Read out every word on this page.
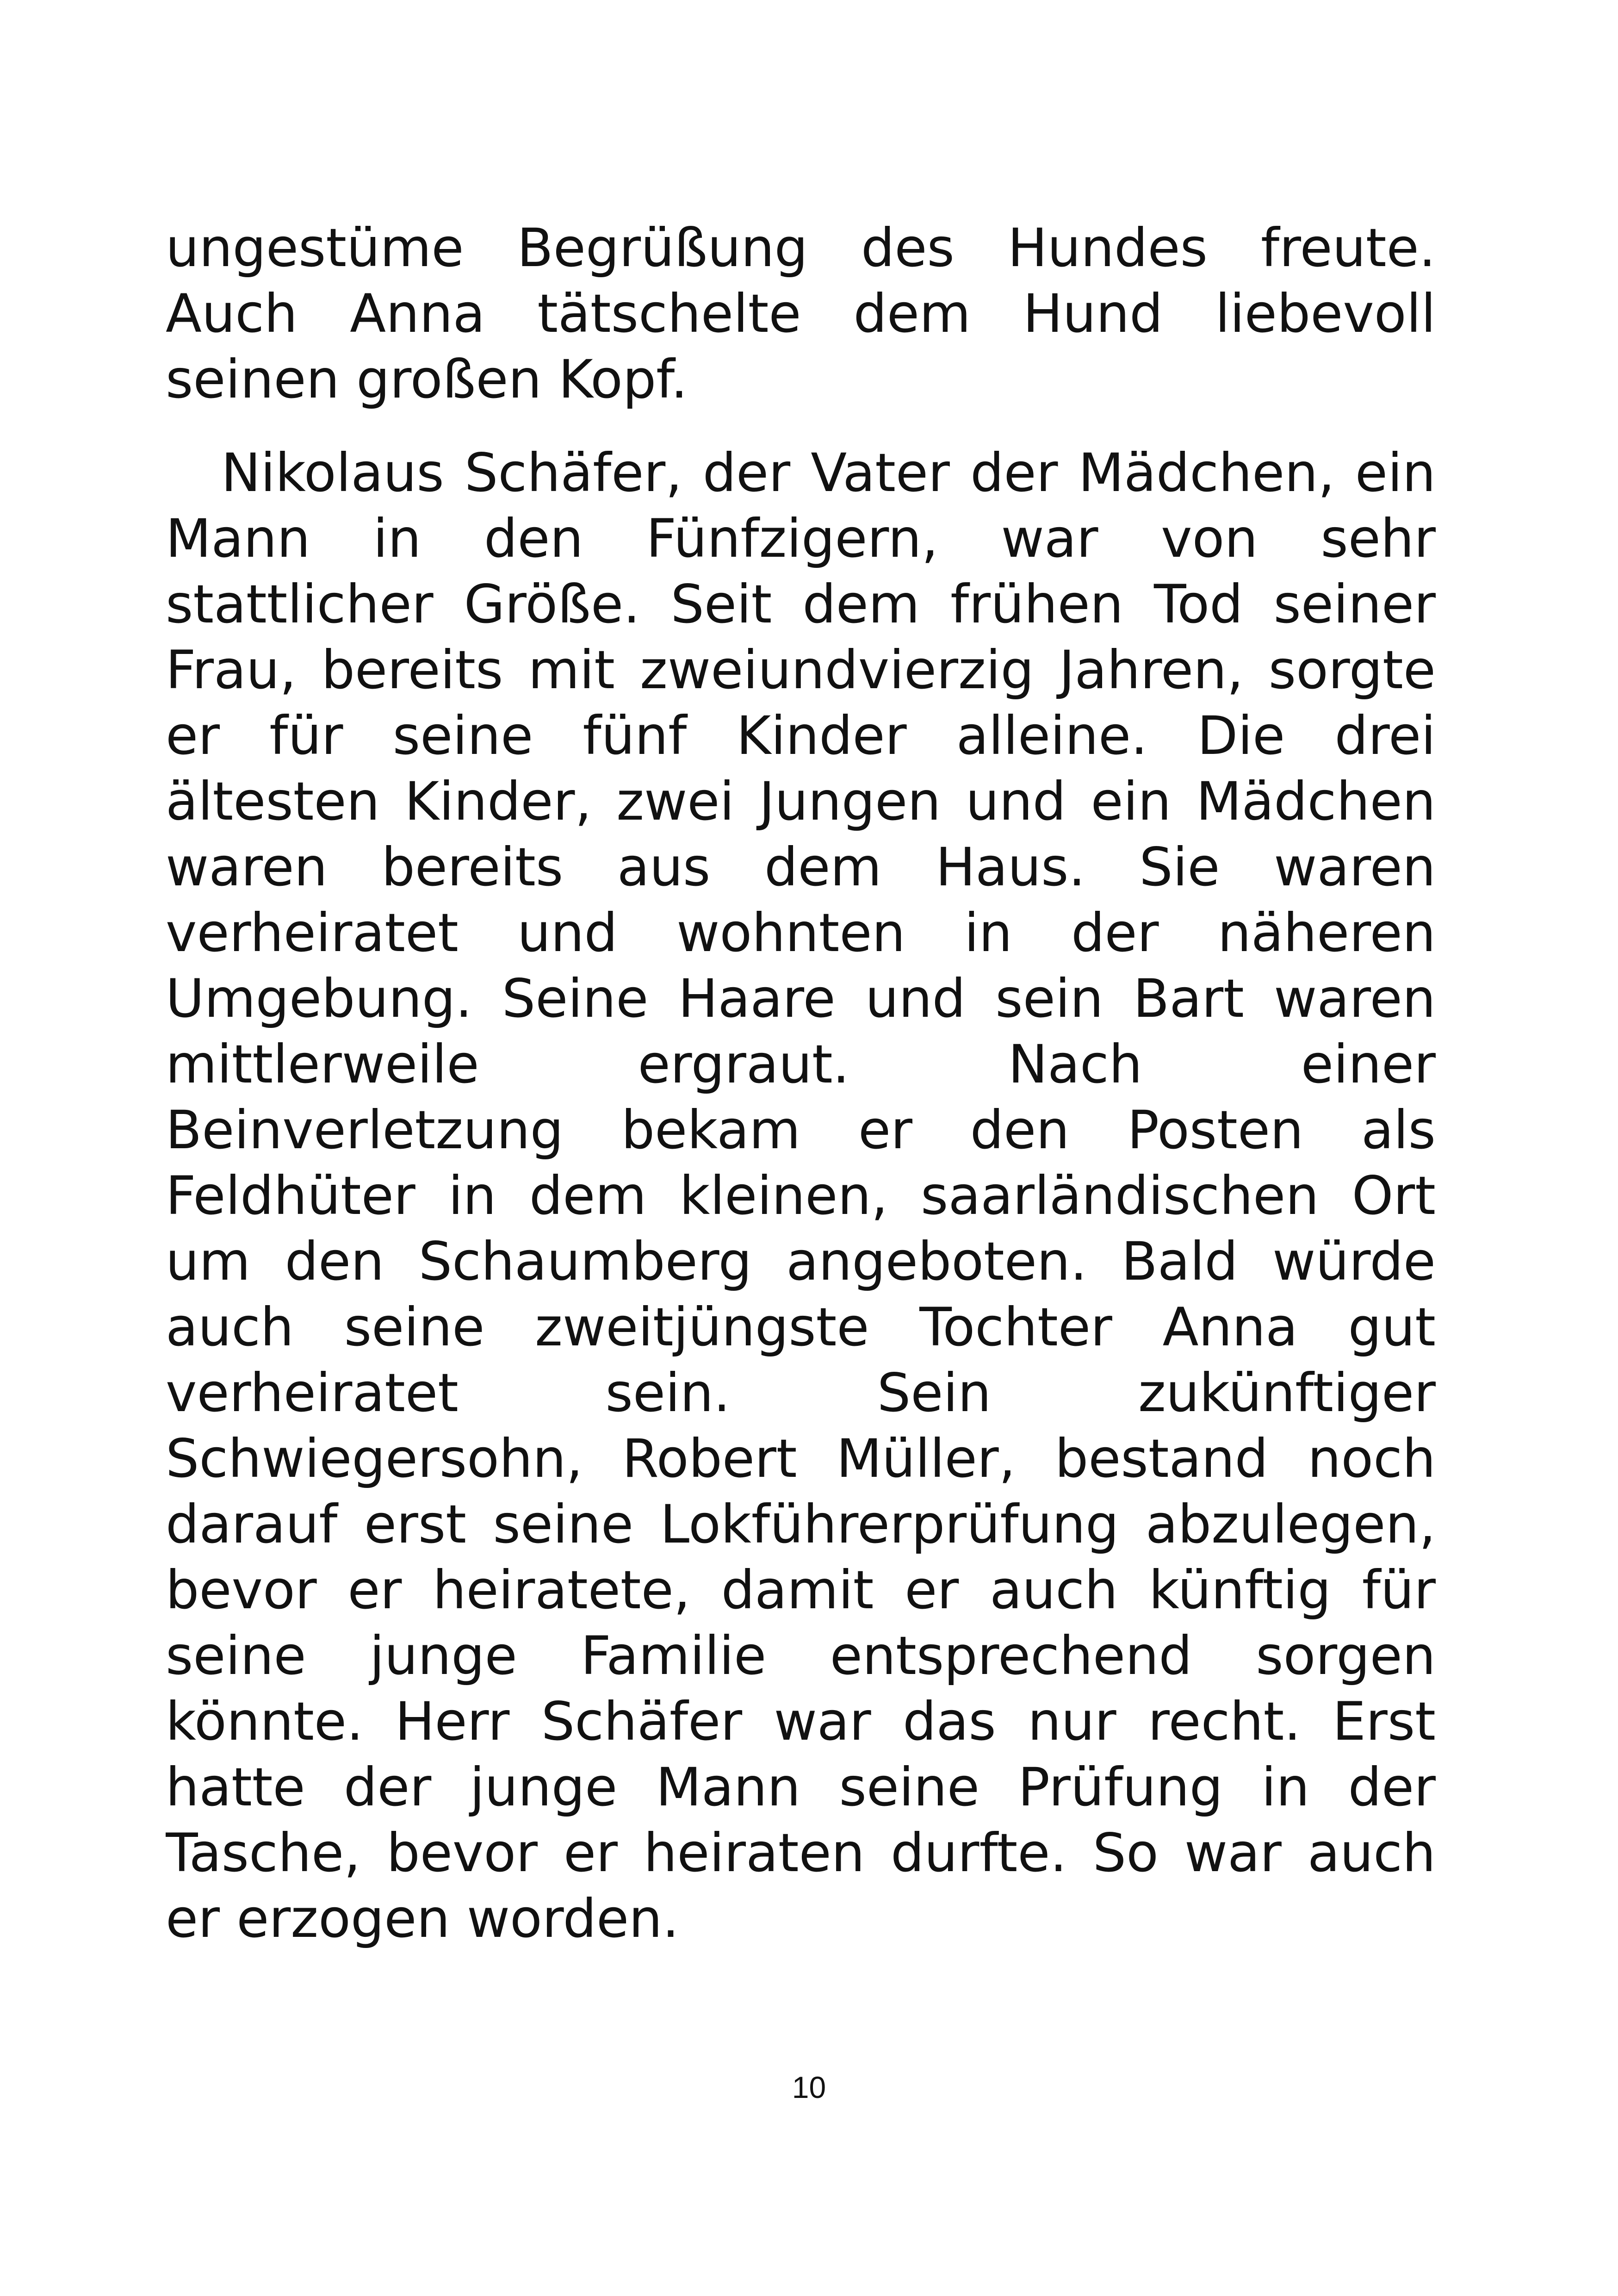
ungestüme Begrüßung des Hundes freute.
Auch Anna tätschelte dem Hund liebevoll
seinen großen Kopf.
Nikolaus Schäfer, der Vater der Mädchen, ein
Mann in den Fünfzigern, war von sehr
stattlicher Größe. Seit dem frühen Tod seiner
Frau, bereits mit zweiundvierzig Jahren, sorgte
er für seine fünf Kinder alleine. Die drei
ältesten Kinder, zwei Jungen und ein Mädchen
waren bereits aus dem Haus. Sie waren
verheiratet und wohnten in der näheren
Umgebung. Seine Haare und sein Bart waren
mittlerweile ergraut. Nach einer
Beinverletzung bekam er den Posten als
Feldhüter in dem kleinen, saarländischen Ort
um den Schaumberg angeboten. Bald würde
auch seine zweitjüngste Tochter Anna gut
verheiratet sein. Sein zukünftiger
Schwiegersohn, Robert Müller, bestand noch
darauf erst seine Lokführerprüfung abzulegen,
bevor er heiratete, damit er auch künftig für
seine junge Familie entsprechend sorgen
könnte. Herr Schäfer war das nur recht. Erst
hatte der junge Mann seine Prüfung in der
Tasche, bevor er heiraten durfte. So war auch
er erzogen worden.
10
